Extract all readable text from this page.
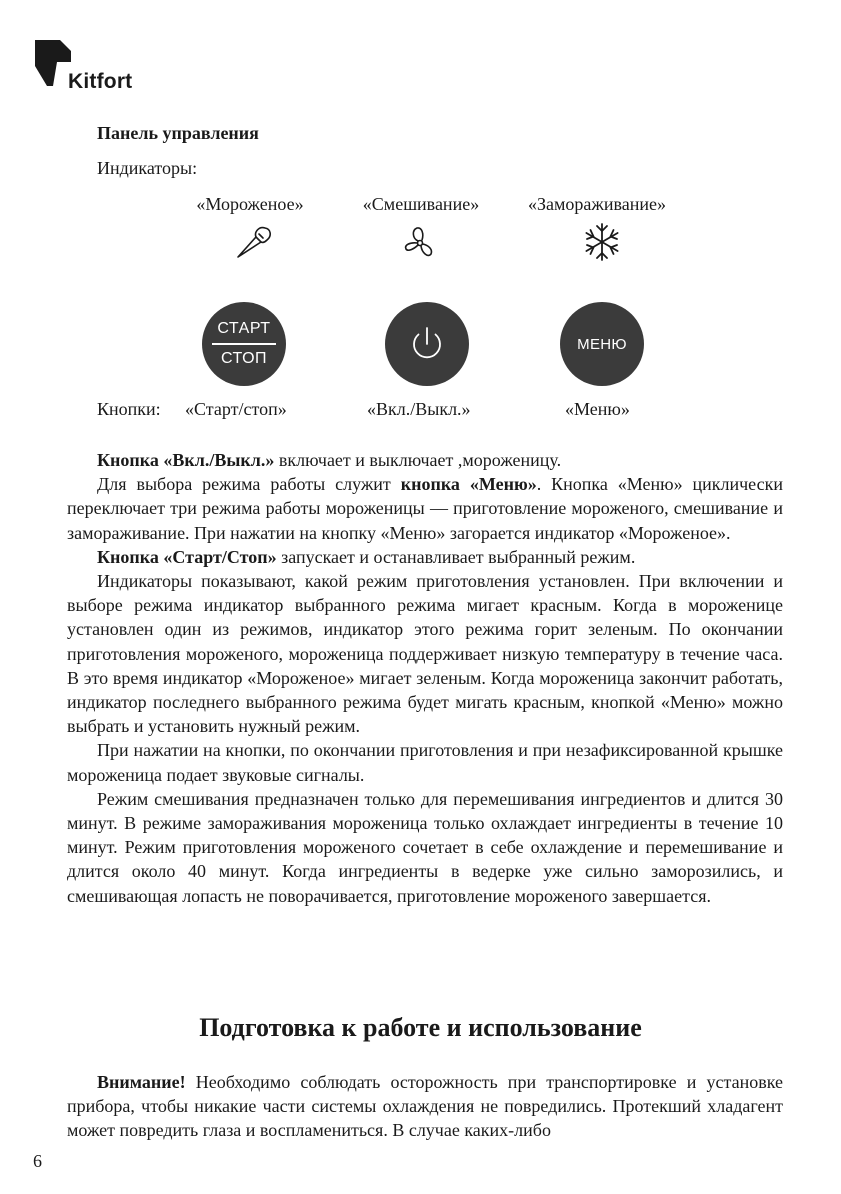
Kitfort
Панель управления
Индикаторы:
«Мороженое»	«Смешивание»	«Замораживание»
СТАРТ
СТОП
МЕНЮ
Кнопки: «Старт/стоп»	«Вкл./Выкл.»	«Меню»

Кнопка «Вкл./Выкл.» включает и выключает ,мороженицу.

Для выбора режима работы служит кнопка «Меню». Кнопка «Меню» циклически переключает три режима работы мороженицы — приготовление мороженого, смешивание и замораживание. При нажатии на кнопку «Меню» загорается индикатор «Мороженое».

Кнопка «Старт/Стоп» запускает и останавливает выбранный режим.

Индикаторы показывают, какой режим приготовления установлен. При включении и выборе режима индикатор выбранного режима мигает красным. Когда в мороженице установлен один из режимов, индикатор этого режима горит зеленым. По окончании приготовления мороженого, мороженица поддерживает низкую температуру в течение часа. В это время индикатор «Мороженое» мигает зеленым. Когда мороженица закончит работать, индикатор последнего выбранного режима будет мигать красным, кнопкой «Меню» можно выбрать и установить нужный режим.

При нажатии на кнопки, по окончании приготовления и при незафиксированной крышке мороженица подает звуковые сигналы.

Режим смешивания предназначен только для перемешивания ингредиентов и длится 30 минут. В режиме замораживания мороженица только охлаждает ингредиенты в течение 10 минут. Режим приготовления мороженого сочетает в себе охлаждение и перемешивание и длится около 40 минут. Когда ингредиенты в ведерке уже сильно заморозились, и смешивающая лопасть не поворачивается, приготовление мороженого завершается.

Подготовка к работе и использование

Внимание! Необходимо соблюдать осторожность при транспортировке и установке прибора, чтобы никакие части системы охлаждения не повредились. Протекший хладагент может повредить глаза и воспламениться. В случае каких-либо

6
